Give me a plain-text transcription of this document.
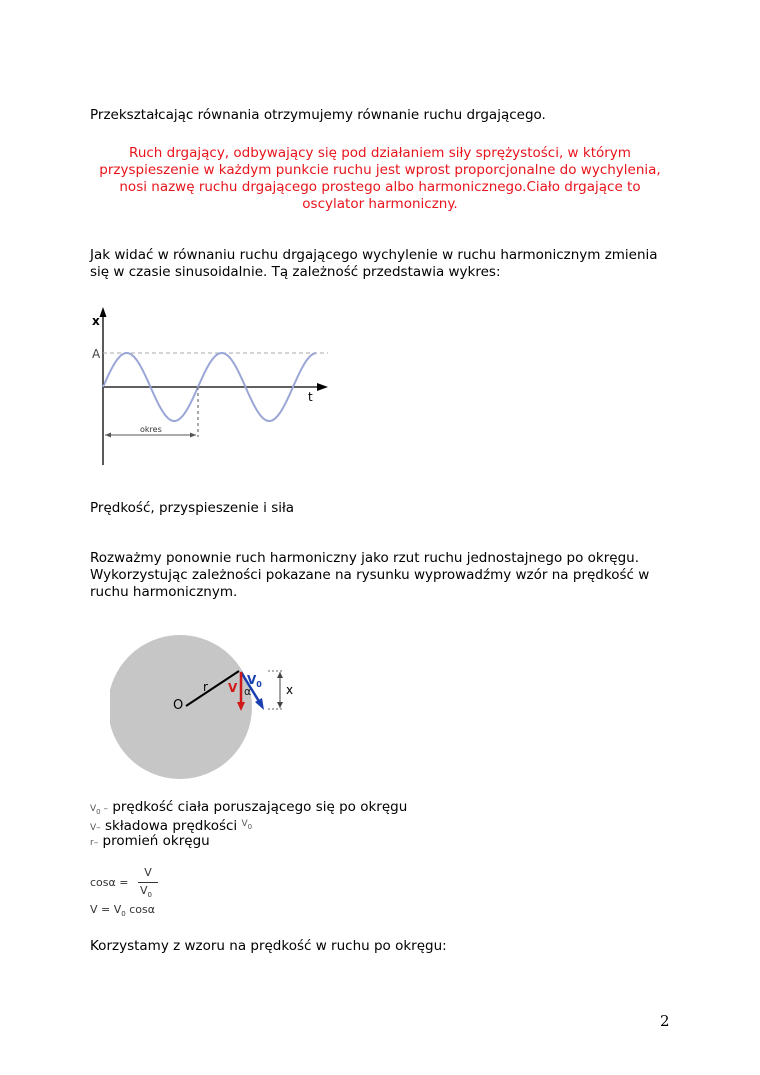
Przekształcając równania otrzymujemy równanie ruchu drgającego.

Ruch drgający, odbywający się pod działaniem siły sprężystości, w którym przyspieszenie w każdym punkcie ruchu jest wprost proporcjonalne do wychylenia, nosi nazwę ruchu drgającego prostego albo harmonicznego.Ciało drgające to oscylator harmoniczny.

Jak widać w równaniu ruchu drgającego wychylenie w ruchu harmonicznym zmienia się w czasie sinusoidalnie. Tą zależność przedstawia wykres:

x
t
A
okres

Prędkość, przyspieszenie i siła

Rozważmy ponownie ruch harmoniczny jako rzut ruchu jednostajnego po okręgu. Wykorzystując zależności pokazane na rysunku wyprowadźmy wzór na prędkość w ruchu harmonicznym.

O
r V
$V_0$
α	x
$V_0$ – prędkość ciała poruszającego się po okręgu
V– składowa prędkości $^{V_0}$
r– promień okręgu
cosα =
V
$V_0$
$V = V_0$ cosα

Korzystamy z wzoru na prędkość w ruchu po okręgu:

2
